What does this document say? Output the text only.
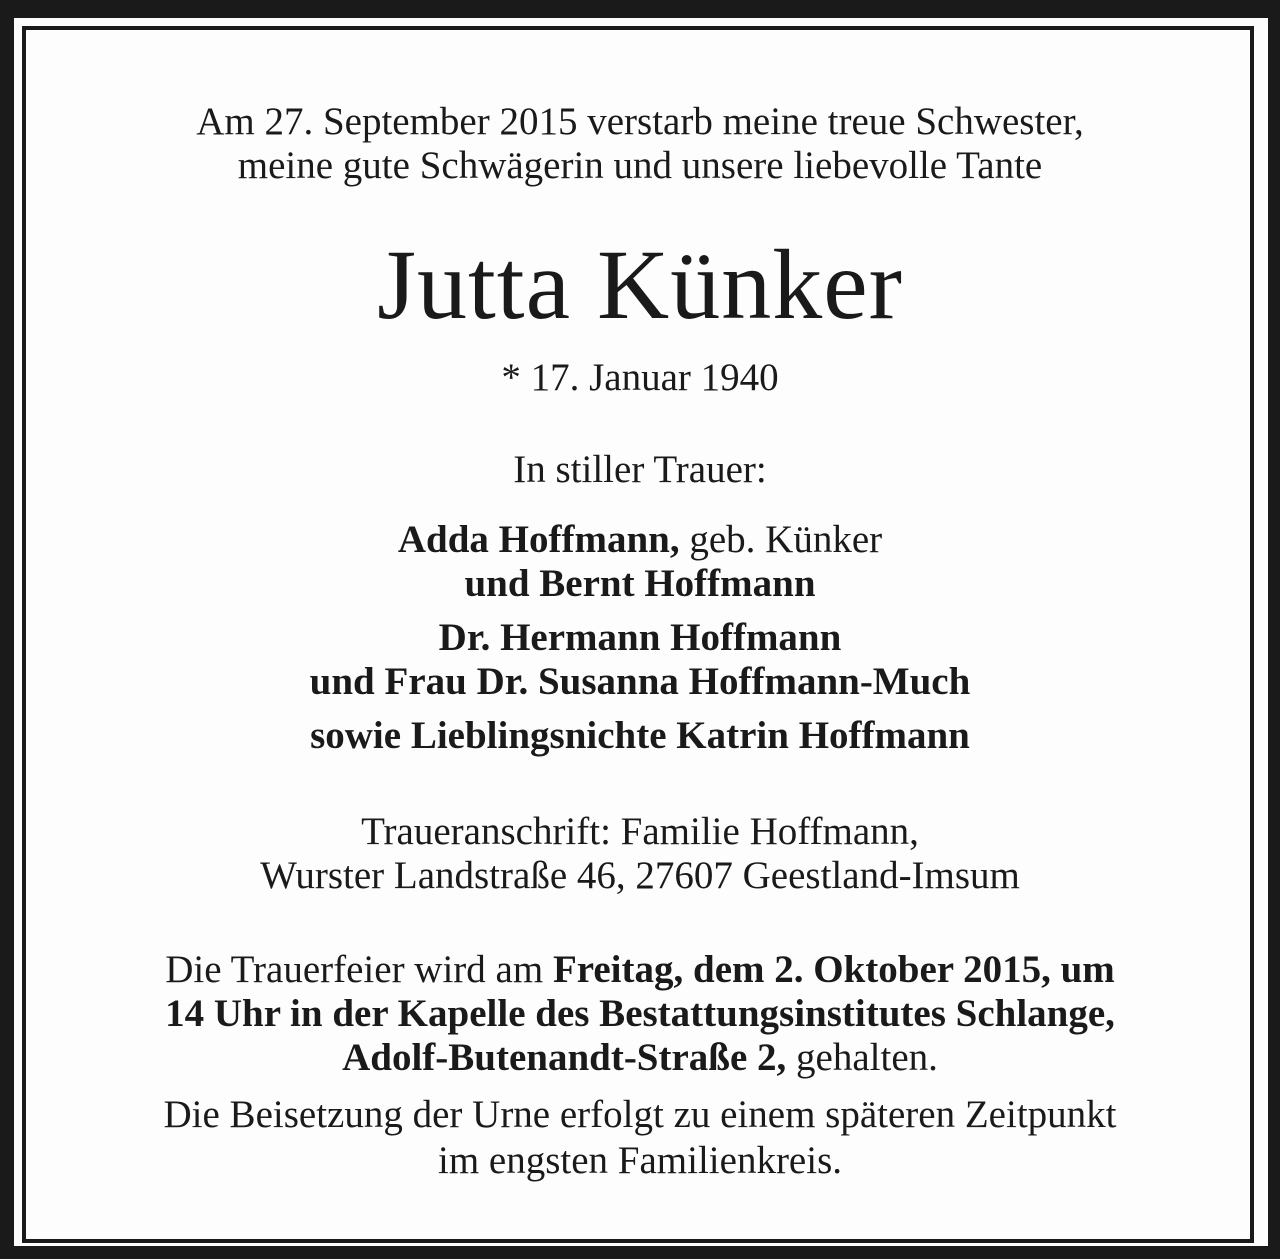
Am 27. September 2015 verstarb meine treue Schwester,
meine gute Schwägerin und unsere liebevolle Tante
Jutta Künker
* 17. Januar 1940
In stiller Trauer:
Adda Hoffmann, geb. Künker
und Bernt Hoffmann
Dr. Hermann Hoffmann
und Frau Dr. Susanna Hoffmann-Much
sowie Lieblingsnichte Katrin Hoffmann
Traueranschrift: Familie Hoffmann,
Wurster Landstraße 46, 27607 Geestland-Imsum
Die Trauerfeier wird am Freitag, dem 2. Oktober 2015, um
14 Uhr in der Kapelle des Bestattungsinstitutes Schlange,
Adolf-Butenandt-Straße 2, gehalten.
Die Beisetzung der Urne erfolgt zu einem späteren Zeitpunkt
im engsten Familienkreis.
